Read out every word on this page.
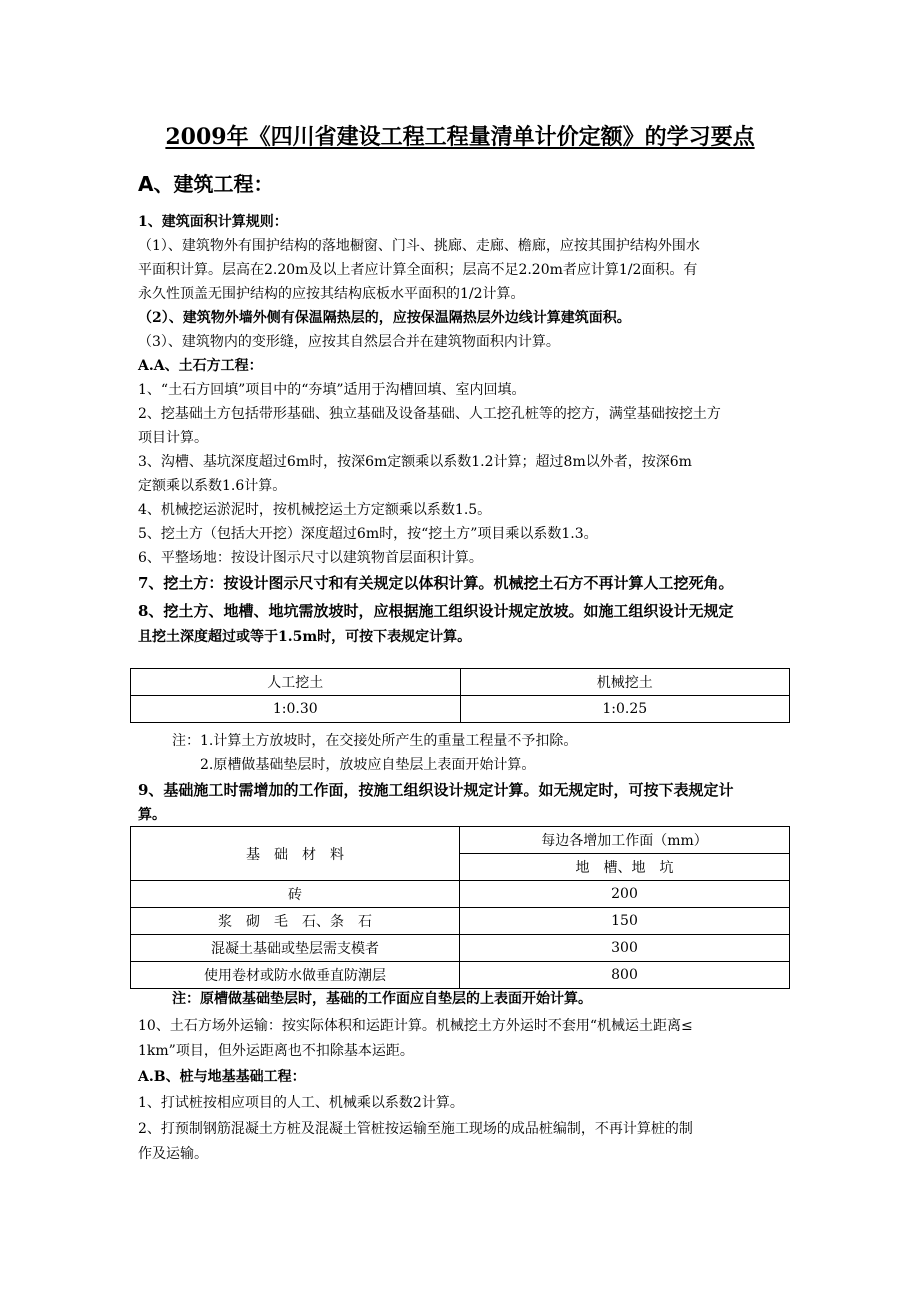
2009年《四川省建设工程工程量清单计价定额》的学习要点
A、建筑工程：
1、建筑面积计算规则：
（1）、建筑物外有围护结构的落地橱窗、门斗、挑廊、走廊、檐廊，应按其围护结构外围水
平面积计算。层高在2.20m及以上者应计算全面积；层高不足2.20m者应计算1/2面积。有
永久性顶盖无围护结构的应按其结构底板水平面积的1/2计算。
（2）、建筑物外墙外侧有保温隔热层的，应按保温隔热层外边线计算建筑面积。
（3）、建筑物内的变形缝，应按其自然层合并在建筑物面积内计算。
A.A、土石方工程：
1、“土石方回填”项目中的“夯填”适用于沟槽回填、室内回填。
2、挖基础土方包括带形基础、独立基础及设备基础、人工挖孔桩等的挖方，满堂基础按挖土方
项目计算。
3、沟槽、基坑深度超过6m时，按深6m定额乘以系数1.2计算；超过8m以外者，按深6m
定额乘以系数1.6计算。
4、机械挖运淤泥时，按机械挖运土方定额乘以系数1.5。
5、挖土方（包括大开挖）深度超过6m时，按“挖土方”项目乘以系数1.3。
6、平整场地：按设计图示尺寸以建筑物首层面积计算。
7、挖土方：按设计图示尺寸和有关规定以体积计算。机械挖土石方不再计算人工挖死角。
8、挖土方、地槽、地坑需放坡时，应根据施工组织设计规定放坡。如施工组织设计无规定
且挖土深度超过或等于1.5m时，可按下表规定计算。
人工挖土	机械挖土
1:0.30	1:0.25
注：1.计算土方放坡时，在交接处所产生的重量工程量不予扣除。
2.原槽做基础垫层时，放坡应自垫层上表面开始计算。
9、基础施工时需增加的工作面，按施工组织设计规定计算。如无规定时，可按下表规定计
算。
基　础　材　料	每边各增加工作面（mm）
	地　槽、地　坑
砖	200
浆　砌　毛　石、条　石	150
混凝土基础或垫层需支模者	300
使用卷材或防水做垂直防潮层	800
注：原槽做基础垫层时，基础的工作面应自垫层的上表面开始计算。
10、土石方场外运输：按实际体积和运距计算。机械挖土方外运时不套用“机械运土距离≤
1km”项目，但外运距离也不扣除基本运距。
A.B、桩与地基基础工程：
1、打试桩按相应项目的人工、机械乘以系数2计算。
2、打预制钢筋混凝土方桩及混凝土管桩按运输至施工现场的成品桩编制，不再计算桩的制
作及运输。
